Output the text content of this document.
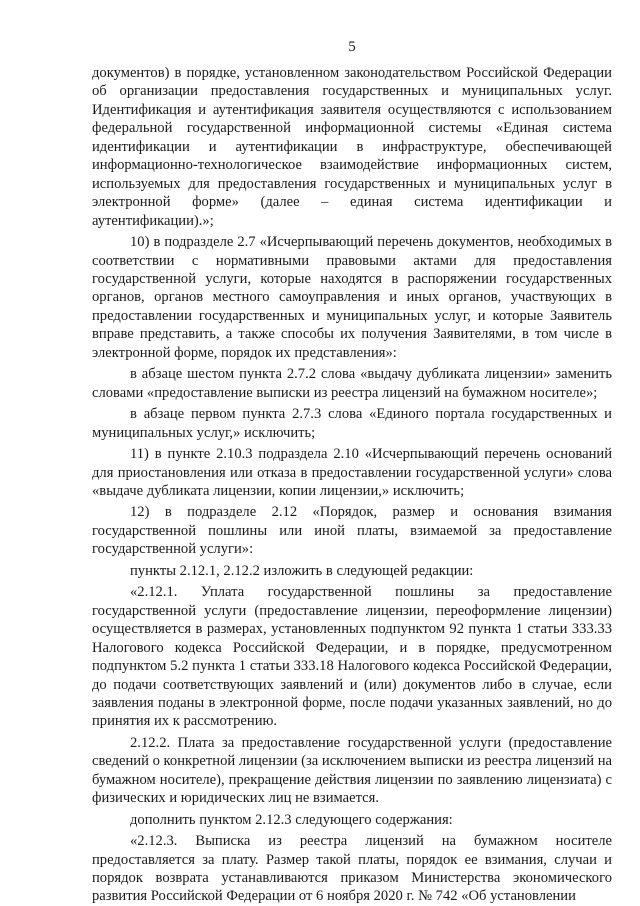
5

документов) в порядке, установленном законодательством Российской Федерации об организации предоставления государственных и муниципальных услуг. Идентификация и аутентификация заявителя осуществляются с использованием федеральной государственной информационной системы «Единая система идентификации и аутентификации в инфраструктуре, обеспечивающей информационно-технологическое взаимодействие информационных систем, используемых для предоставления государственных и муниципальных услуг в электронной форме» (далее – единая система идентификации и аутентификации).»;

10) в подразделе 2.7 «Исчерпывающий перечень документов, необходимых в соответствии с нормативными правовыми актами для предоставления государственной услуги, которые находятся в распоряжении государственных органов, органов местного самоуправления и иных органов, участвующих в предоставлении государственных и муниципальных услуг, и которые Заявитель вправе представить, а также способы их получения Заявителями, в том числе в электронной форме, порядок их представления»:

в абзаце шестом пункта 2.7.2 слова «выдачу дубликата лицензии» заменить словами «предоставление выписки из реестра лицензий на бумажном носителе»;

в абзаце первом пункта 2.7.3 слова «Единого портала государственных и муниципальных услуг,» исключить;

11) в пункте 2.10.3 подраздела 2.10 «Исчерпывающий перечень оснований для приостановления или отказа в предоставлении государственной услуги» слова «выдаче дубликата лицензии, копии лицензии,» исключить;

12) в подразделе 2.12 «Порядок, размер и основания взимания государственной пошлины или иной платы, взимаемой за предоставление государственной услуги»:

пункты 2.12.1, 2.12.2 изложить в следующей редакции:

«2.12.1. Уплата государственной пошлины за предоставление государственной услуги (предоставление лицензии, переоформление лицензии) осуществляется в размерах, установленных подпунктом 92 пункта 1 статьи 333.33 Налогового кодекса Российской Федерации, и в порядке, предусмотренном подпунктом 5.2 пункта 1 статьи 333.18 Налогового кодекса Российской Федерации, до подачи соответствующих заявлений и (или) документов либо в случае, если заявления поданы в электронной форме, после подачи указанных заявлений, но до принятия их к рассмотрению.

2.12.2. Плата за предоставление государственной услуги (предоставление сведений о конкретной лицензии (за исключением выписки из реестра лицензий на бумажном носителе), прекращение действия лицензии по заявлению лицензиата) с физических и юридических лиц не взимается.

дополнить пунктом 2.12.3 следующего содержания:

«2.12.3. Выписка из реестра лицензий на бумажном носителе предоставляется за плату. Размер такой платы, порядок ее взимания, случаи и порядок возврата устанавливаются приказом Министерства экономического развития Российской Федерации от 6 ноября 2020 г. № 742 «Об установлении
